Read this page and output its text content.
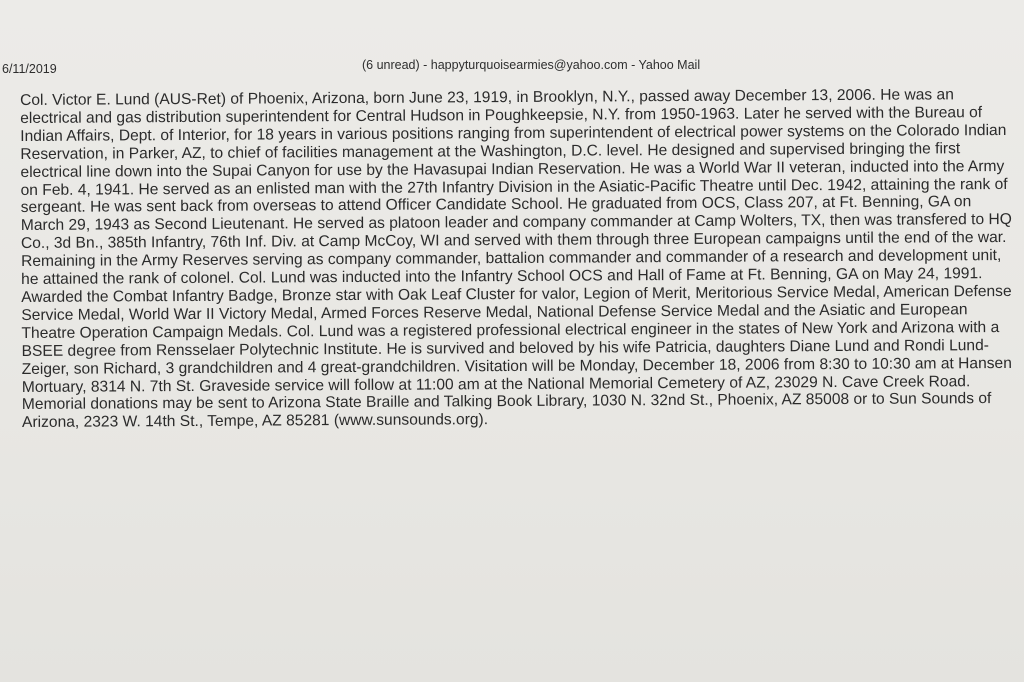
6/11/2019	(6 unread) - happyturquoisearmies@yahoo.com - Yahoo Mail

Col. Victor E. Lund (AUS-Ret) of Phoenix, Arizona, born June 23, 1919, in Brooklyn, N.Y., passed away December 13, 2006. He was an electrical and gas distribution superintendent for Central Hudson in Poughkeepsie, N.Y. from 1950-1963. Later he served with the Bureau of Indian Affairs, Dept. of Interior, for 18 years in various positions ranging from superintendent of electrical power systems on the Colorado Indian Reservation, in Parker, AZ, to chief of facilities management at the Washington, D.C. level. He designed and supervised bringing the first electrical line down into the Supai Canyon for use by the Havasupai Indian Reservation. He was a World War II veteran, inducted into the Army on Feb. 4, 1941. He served as an enlisted man with the 27th Infantry Division in the Asiatic-Pacific Theatre until Dec. 1942, attaining the rank of sergeant. He was sent back from overseas to attend Officer Candidate School. He graduated from OCS, Class 207, at Ft. Benning, GA on March 29, 1943 as Second Lieutenant. He served as platoon leader and company commander at Camp Wolters, TX, then was transfered to HQ Co., 3d Bn., 385th Infantry, 76th Inf. Div. at Camp McCoy, WI and served with them through three European campaigns until the end of the war. Remaining in the Army Reserves serving as company commander, battalion commander and commander of a research and development unit, he attained the rank of colonel. Col. Lund was inducted into the Infantry School OCS and Hall of Fame at Ft. Benning, GA on May 24, 1991. Awarded the Combat Infantry Badge, Bronze star with Oak Leaf Cluster for valor, Legion of Merit, Meritorious Service Medal, American Defense Service Medal, World War II Victory Medal, Armed Forces Reserve Medal, National Defense Service Medal and the Asiatic and European Theatre Operation Campaign Medals. Col. Lund was a registered professional electrical engineer in the states of New York and Arizona with a BSEE degree from Rensselaer Polytechnic Institute. He is survived and beloved by his wife Patricia, daughters Diane Lund and Rondi Lund-Zeiger, son Richard, 3 grandchildren and 4 great-grandchildren. Visitation will be Monday, December 18, 2006 from 8:30 to 10:30 am at Hansen Mortuary, 8314 N. 7th St. Graveside service will follow at 11:00 am at the National Memorial Cemetery of AZ, 23029 N. Cave Creek Road. Memorial donations may be sent to Arizona State Braille and Talking Book Library, 1030 N. 32nd St., Phoenix, AZ 85008 or to Sun Sounds of Arizona, 2323 W. 14th St., Tempe, AZ 85281 (www.sunsounds.org).
